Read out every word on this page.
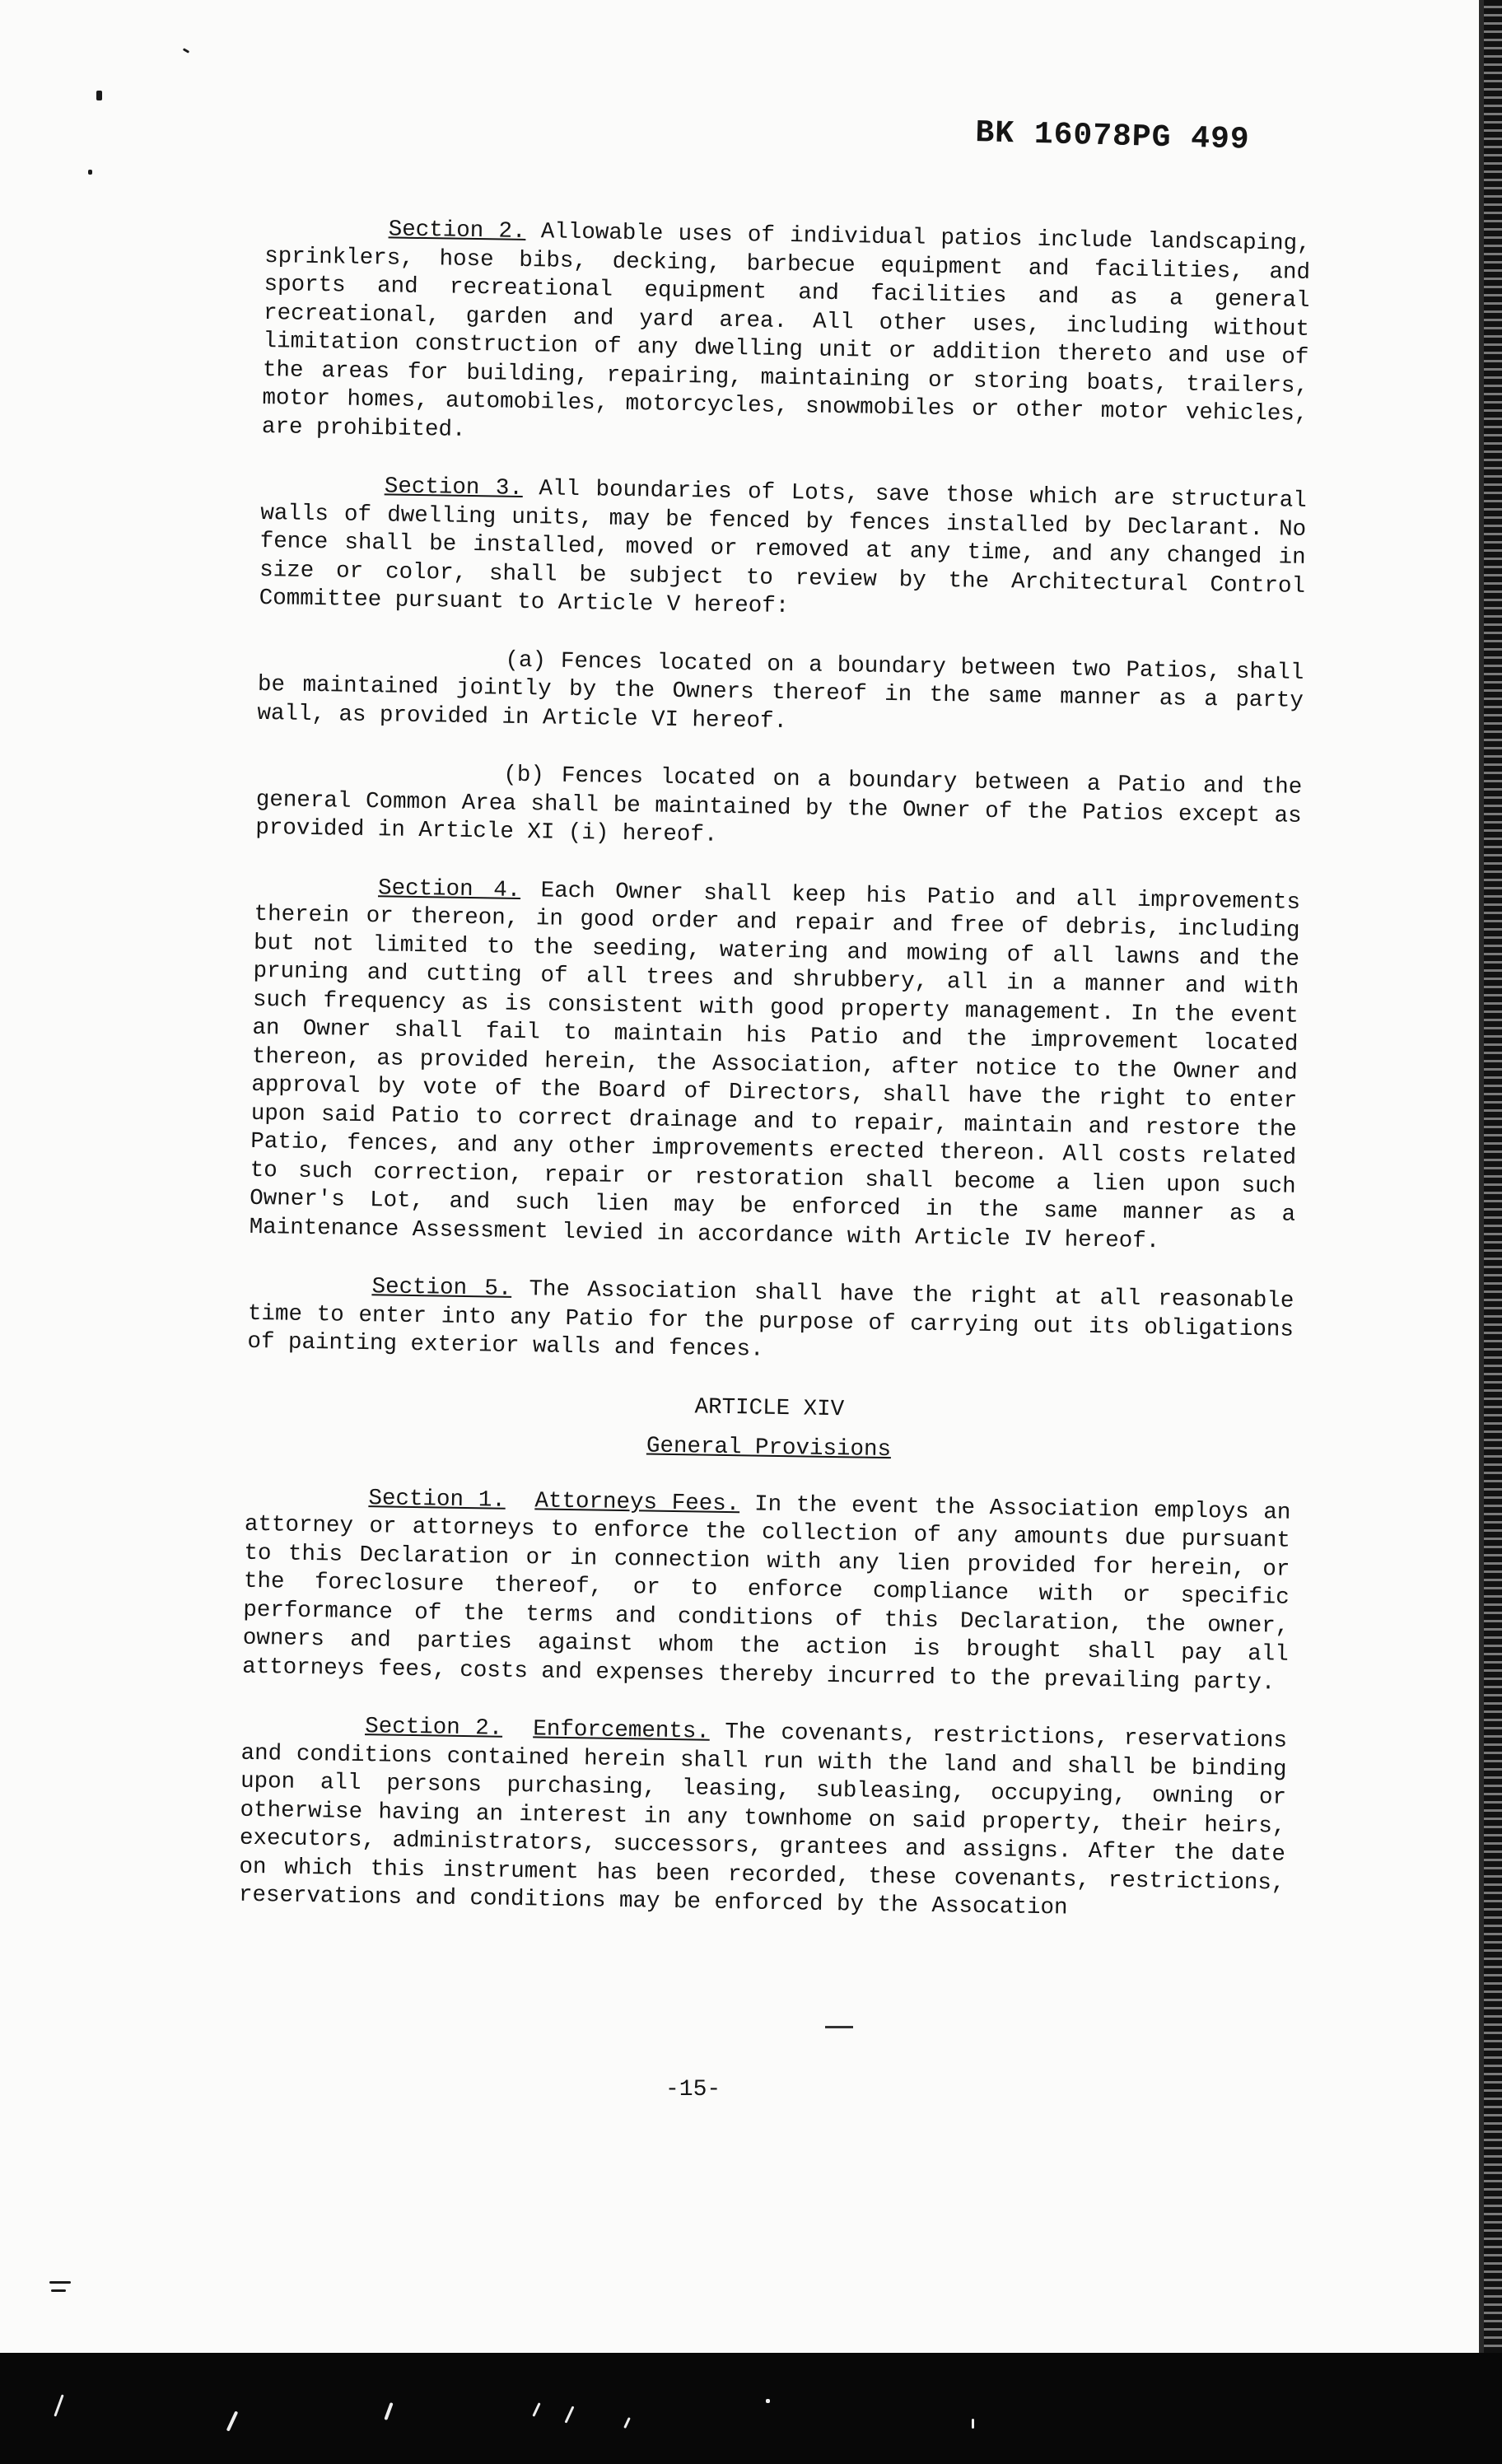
BK 16078PG 499

Section 2. Allowable uses of individual patios include landscaping, sprinklers, hose bibs, decking, barbecue equipment and facilities, and sports and recreational equipment and facilities and as a general recreational, garden and yard area. All other uses, including without limitation construction of any dwelling unit or addition thereto and use of the areas for building, repairing, maintaining or storing boats, trailers, motor homes, automobiles, motorcycles, snowmobiles or other motor vehicles, are prohibited.

Section 3. All boundaries of Lots, save those which are structural walls of dwelling units, may be fenced by fences installed by Declarant. No fence shall be installed, moved or removed at any time, and any changed in size or color, shall be subject to review by the Architectural Control Committee pursuant to Article V hereof:

(a) Fences located on a boundary between two Patios, shall be maintained jointly by the Owners thereof in the same manner as a party wall, as provided in Article VI hereof.

(b) Fences located on a boundary between a Patio and the general Common Area shall be maintained by the Owner of the Patios except as provided in Article XI (i) hereof.

Section 4. Each Owner shall keep his Patio and all improvements therein or thereon, in good order and repair and free of debris, including but not limited to the seeding, watering and mowing of all lawns and the pruning and cutting of all trees and shrubbery, all in a manner and with such frequency as is consistent with good property management. In the event an Owner shall fail to maintain his Patio and the improvement located thereon, as provided herein, the Association, after notice to the Owner and approval by vote of the Board of Directors, shall have the right to enter upon said Patio to correct drainage and to repair, maintain and restore the Patio, fences, and any other improvements erected thereon. All costs related to such correction, repair or restoration shall become a lien upon such Owner's Lot, and such lien may be enforced in the same manner as a Maintenance Assessment levied in accordance with Article IV hereof.

Section 5. The Association shall have the right at all reasonable time to enter into any Patio for the purpose of carrying out its obligations of painting exterior walls and fences.

ARTICLE XIV
General Provisions

Section 1. Attorneys Fees. In the event the Association employs an attorney or attorneys to enforce the collection of any amounts due pursuant to this Declaration or in connection with any lien provided for herein, or the foreclosure thereof, or to enforce compliance with or specific performance of the terms and conditions of this Declaration, the owner, owners and parties against whom the action is brought shall pay all attorneys fees, costs and expenses thereby incurred to the prevailing party.

Section 2. Enforcements. The covenants, restrictions, reservations and conditions contained herein shall run with the land and shall be binding upon all persons purchasing, leasing, subleasing, occupying, owning or otherwise having an interest in any townhome on said property, their heirs, executors, administrators, successors, grantees and assigns. After the date on which this instrument has been recorded, these covenants, restrictions, reservations and conditions may be enforced by the Assocation

-15-
